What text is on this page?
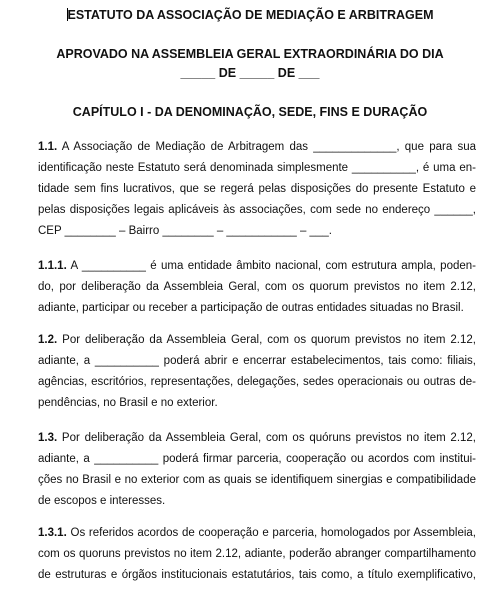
ESTATUTO DA ASSOCIAÇÃO DE MEDIAÇÃO E ARBITRAGEM
APROVADO NA ASSEMBLEIA GERAL EXTRAORDINÁRIA DO DIA
_____ DE _____ DE ___
CAPÍTULO I - DA DENOMINAÇÃO, SEDE, FINS E DURAÇÃO
1.1. A Associação de Mediação de Arbitragem das _____________, que para sua
identificação neste Estatuto será denominada simplesmente __________, é uma en-
tidade sem fins lucrativos, que se regerá pelas disposições do presente Estatuto e
pelas disposições legais aplicáveis às associações, com sede no endereço ______,
CEP ________ – Bairro ________ – ___________ – ___.
1.1.1. A __________ é uma entidade âmbito nacional, com estrutura ampla, poden-
do, por deliberação da Assembleia Geral, com os quorum previstos no item 2.12,
adiante, participar ou receber a participação de outras entidades situadas no Brasil.
1.2. Por deliberação da Assembleia Geral, com os quorum previstos no item 2.12,
adiante, a __________ poderá abrir e encerrar estabelecimentos, tais como: filiais,
agências, escritórios, representações, delegações, sedes operacionais ou outras de-
pendências, no Brasil e no exterior.
1.3. Por deliberação da Assembleia Geral, com os quóruns previstos no item 2.12,
adiante, a __________ poderá firmar parceria, cooperação ou acordos com institui-
ções no Brasil e no exterior com as quais se identifiquem sinergias e compatibilidade
de escopos e interesses.
1.3.1. Os referidos acordos de cooperação e parceria, homologados por Assembleia,
com os quoruns previstos no item 2.12, adiante, poderão abranger compartilhamento
de estruturas e órgãos institucionais estatutários, tais como, a título exemplificativo,
